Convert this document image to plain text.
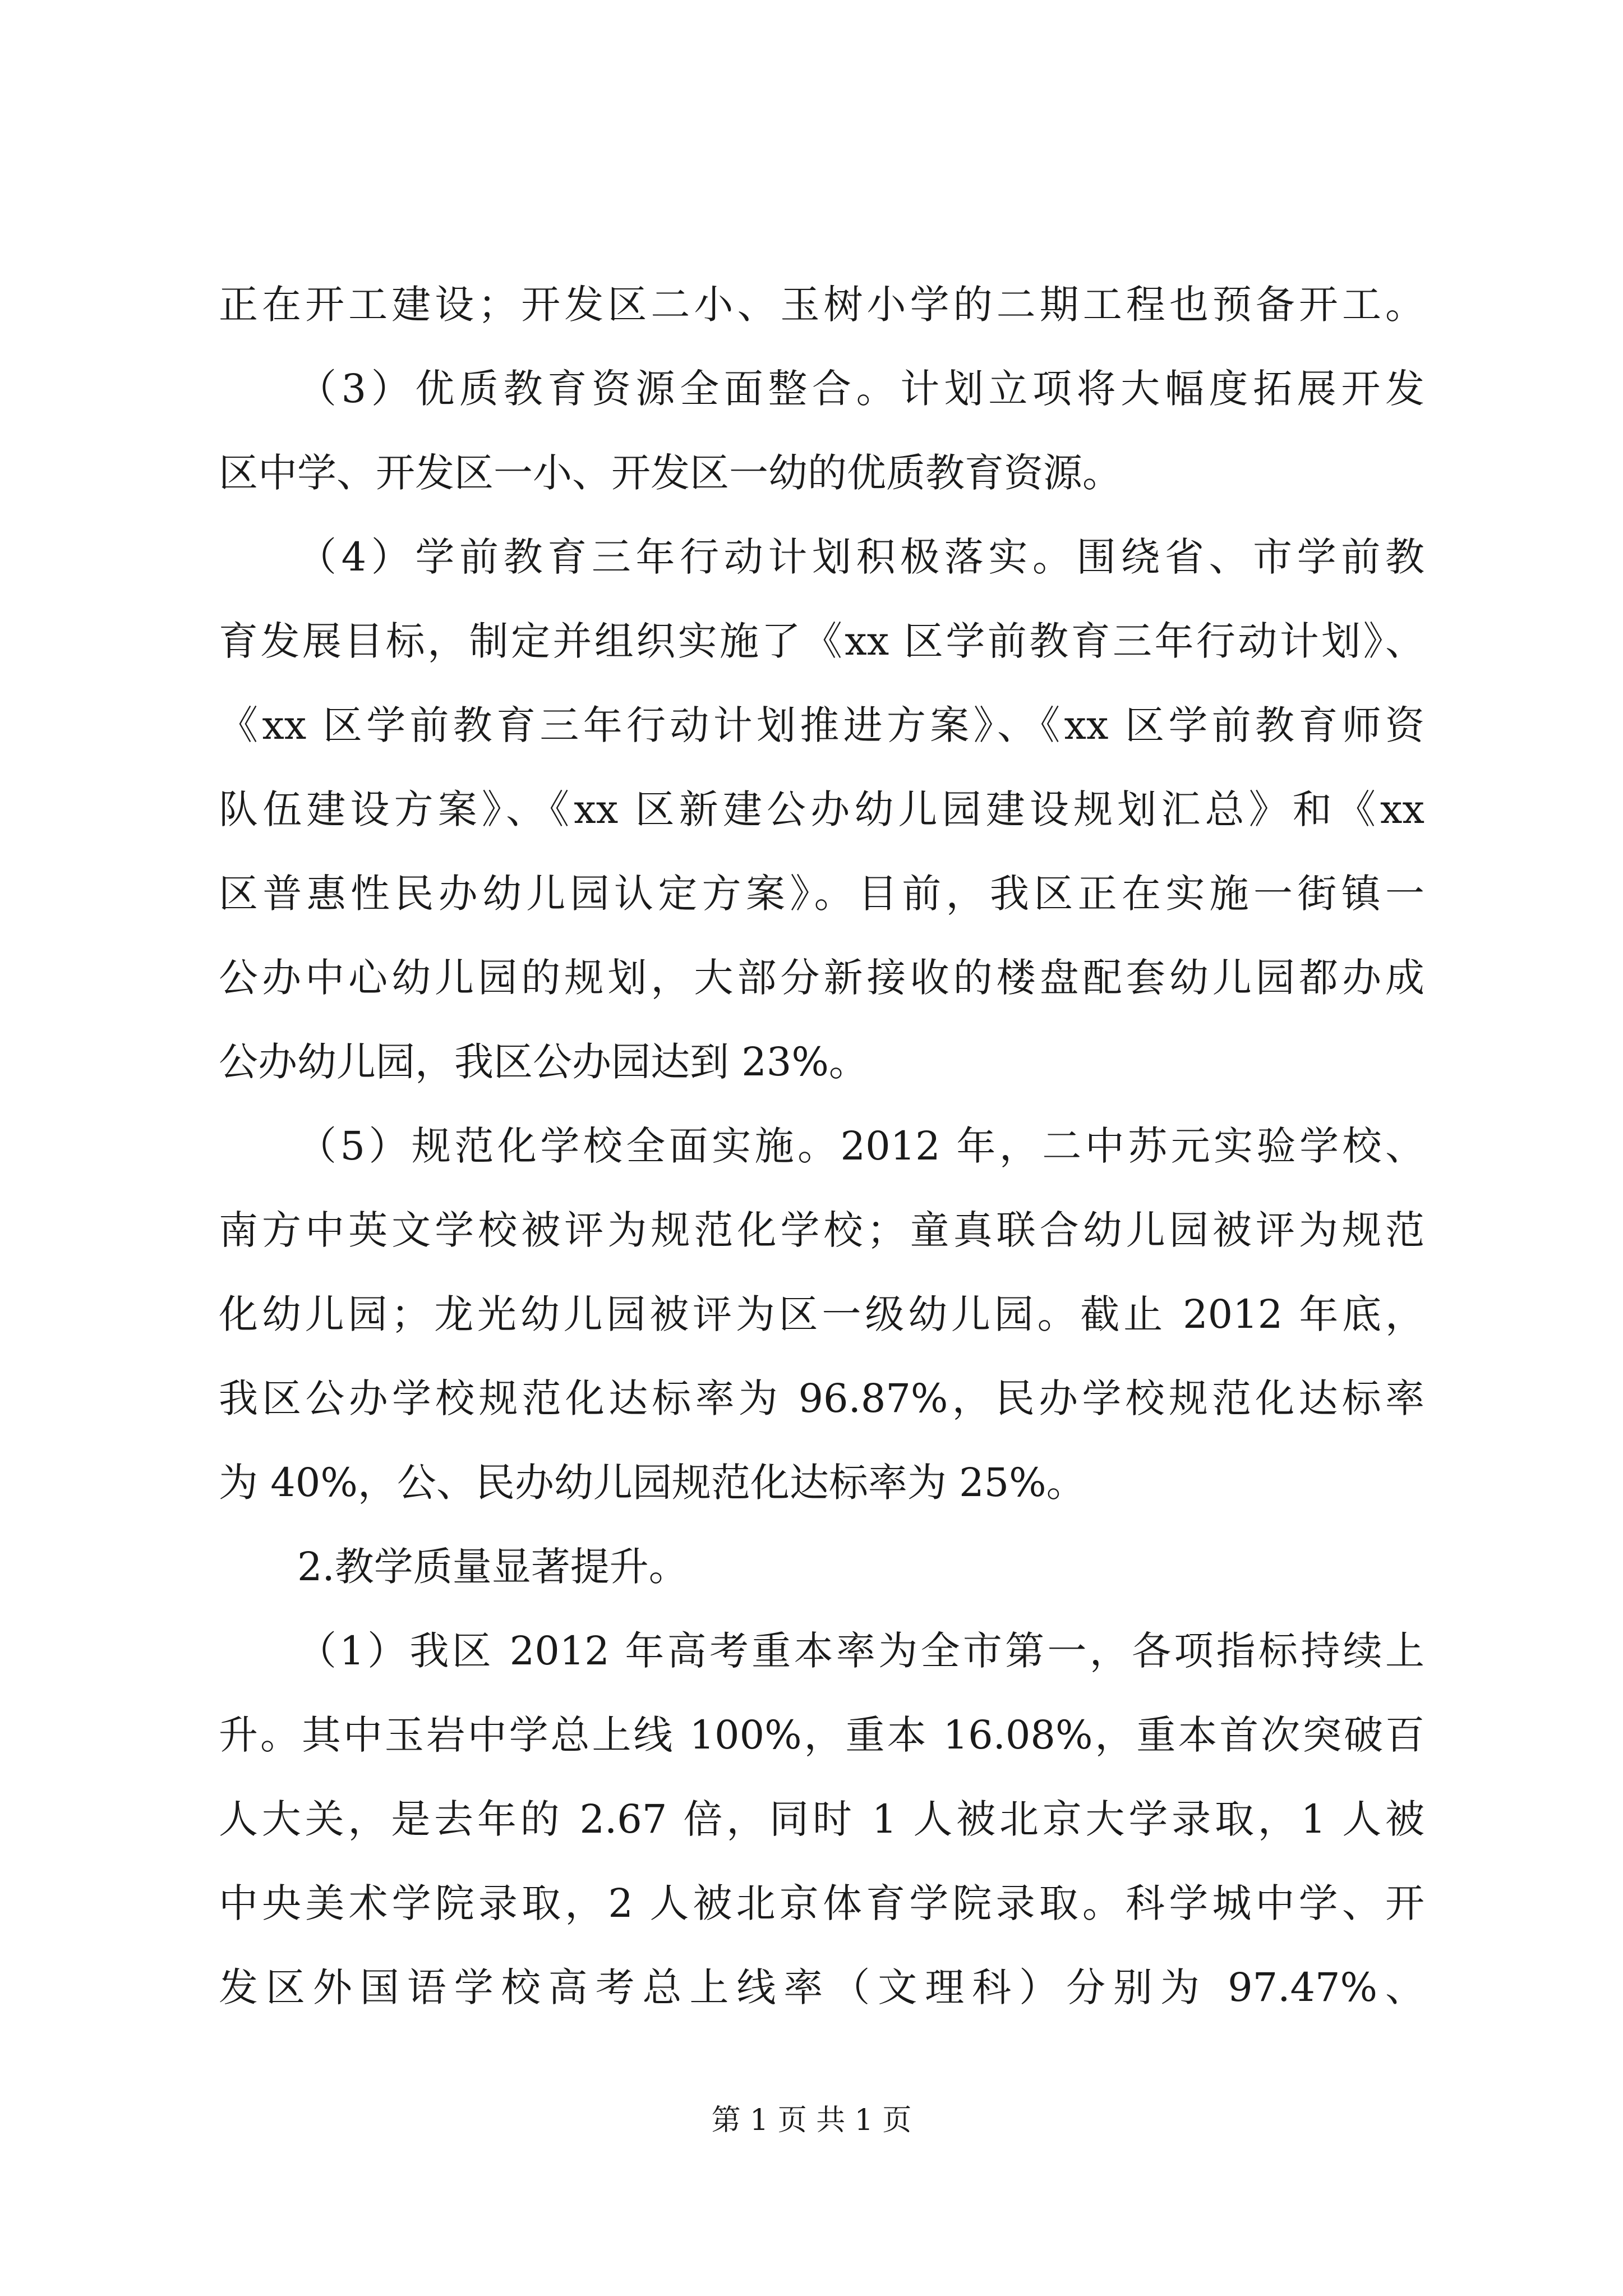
正在开工建设；开发区二小、玉树小学的二期工程也预备开工。
（3）优质教育资源全面整合。计划立项将大幅度拓展开发
区中学、开发区一小、开发区一幼的优质教育资源。
（4）学前教育三年行动计划积极落实。围绕省、市学前教
育发展目标，制定并组织实施了《xx 区学前教育三年行动计划》、
《xx 区学前教育三年行动计划推进方案》、《xx 区学前教育师资
队伍建设方案》、《xx 区新建公办幼儿园建设规划汇总》和《xx
区普惠性民办幼儿园认定方案》。目前，我区正在实施一街镇一
公办中心幼儿园的规划，大部分新接收的楼盘配套幼儿园都办成
公办幼儿园，我区公办园达到 23%。
（5）规范化学校全面实施。2012 年，二中苏元实验学校、
南方中英文学校被评为规范化学校；童真联合幼儿园被评为规范
化幼儿园；龙光幼儿园被评为区一级幼儿园。截止 2012 年底，
我区公办学校规范化达标率为 96.87%，民办学校规范化达标率
为 40%，公、民办幼儿园规范化达标率为 25%。
2.教学质量显著提升。
（1）我区 2012 年高考重本率为全市第一，各项指标持续上
升。其中玉岩中学总上线 100%，重本 16.08%，重本首次突破百
人大关，是去年的 2.67 倍，同时 1 人被北京大学录取，1 人被
中央美术学院录取，2 人被北京体育学院录取。科学城中学、开
发区外国语学校高考总上线率（文理科）分别为 97.47%、
第 1 页 共 1 页
